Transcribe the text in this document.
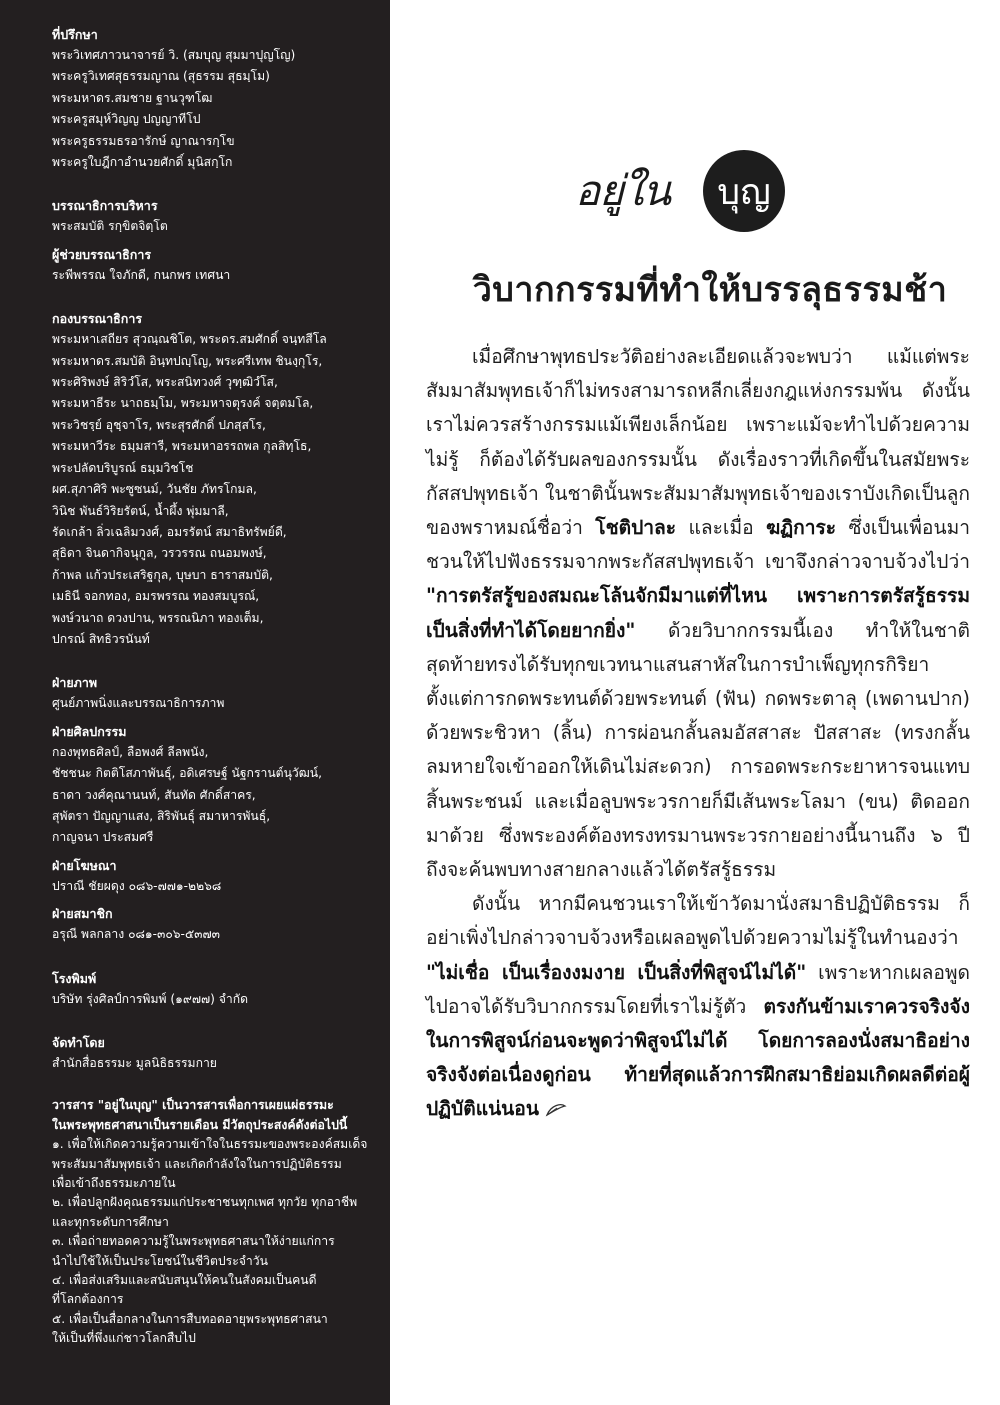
ที่ปรึกษา
พระวิเทศภาวนาจารย์ วิ. (สมบุญ สุมมาปุญโญ)
พระครูวิเทศสุธรรมญาณ (สุธรรม สุธมฺโม)
พระมหาดร.สมชาย ฐานวุฑโฒ
พระครูสมุห์วิญญ ปญญาทีโป
พระครูธรรมธรอารักษ์ ญาณารกฺโข
พระครูใบฎีกาอำนวยศักดิ์ มุนิสกฺโก
บรรณาธิการบริหาร
พระสมบัติ รกฺขิตจิตฺโต
ผู้ช่วยบรรณาธิการ
ระพีพรรณ ใจภักดี, กนกพร เทศนา
กองบรรณาธิการ
พระมหาเสถียร สุวณฺณชิโต, พระดร.สมศักดิ์ จนฺทสีโล
พระมหาดร.สมบัติ อินฺทปญฺโญ, พระศรีเทพ ชินงฺกุโร,
พระศิริพงษ์ สิริวํโส, พระสนิทวงศ์ วุฑฺฒิวํโส,
พระมหาธีระ นาถธมฺโม, พระมหาจตุรงค์ จตฺตมโล,
พระวิชรฺย์ อุชฺจาโร, พระสุรศักดิ์ ปภสฺสโร,
พระมหาวีระ ธมฺมสารี, พระมหาอรรถพล กุลสิทฺโธ,
พระปลัดบริบูรณ์ ธมฺมวิชโช
ผศ.สุภาศิริ พะซูซนม์, วันชัย ภัทรโกมล,
วินิช พันธ์วิริยรัตน์, น้ำผึ้ง พุ่มมาลี,
รัดเกล้า ลิ่วเฉลิมวงศ์, อมรรัตน์ สมาธิทรัพย์ดี,
สุธิดา จินดากิจนุกูล, วรวรรณ ถนอมพงษ์,
ก้าพล แก้วประเสริฐกุล, บุษบา ธาราสมบัติ,
เมธินี จอกทอง, อมรพรรณ ทองสมบูรณ์,
พงษ์วนาถ ดวงปาน, พรรณนิภา ทองเต็ม,
ปกรณ์ สิทธิวรนันท์
ฝ่ายภาพ
ศูนย์ภาพนิ่งและบรรณาธิการภาพ
ฝ่ายศิลปกรรม
กองพุทธศิลป์, ลือพงศ์ ลีลพนัง,
ชัชชนะ กิตติโสภาพันธุ์, อดิเศรษฐ์ นัฐกรานต์นุวัฒน์,
ธาดา วงศ์คุณานนท์, สันทัด ศักดิ์สาคร,
สุพัตรา ปัญญาแสง, สิริพันธุ์ สมาหารพันธุ์,
กาญจนา ประสมศรี
ฝ่ายโฆษณา
ปราณี ชัยผดุง ๐๘๖-๗๗๑-๒๒๖๘
ฝ่ายสมาชิก
อรุณี พลกลาง ๐๘๑-๓๐๖-๕๓๗๓
โรงพิมพ์
บริษัท รุ่งศิลป์การพิมพ์ (๑๙๗๗) จำกัด
จัดทำโดย
สำนักสื่อธรรมะ มูลนิธิธรรมกาย
วารสาร "อยู่ในบุญ" เป็นวารสารเพื่อการเผยแผ่ธรรมะ
ในพระพุทธศาสนาเป็นรายเดือน มีวัตถุประสงค์ดังต่อไปนี้
๑. เพื่อให้เกิดความรู้ความเข้าใจในธรรมะของพระองค์สมเด็จ
พระสัมมาสัมพุทธเจ้า และเกิดกำลังใจในการปฏิบัติธรรม
เพื่อเข้าถึงธรรมะภายใน
๒. เพื่อปลูกฝังคุณธรรมแก่ประชาชนทุกเพศ ทุกวัย ทุกอาชีพ
และทุกระดับการศึกษา
๓. เพื่อถ่ายทอดความรู้ในพระพุทธศาสนาให้ง่ายแก่การ
นำไปใช้ให้เป็นประโยชน์ในชีวิตประจำวัน
๔. เพื่อส่งเสริมและสนับสนุนให้คนในสังคมเป็นคนดี
ที่โลกต้องการ
๕. เพื่อเป็นสื่อกลางในการสืบทอดอายุพระพุทธศาสนา
ให้เป็นที่พึ่งแก่ชาวโลกสืบไป
อยู่ใน	บุญ
วิบากกรรมที่ทำให้บรรลุธรรมช้า

เมื่อศึกษาพุทธประวัติอย่างละเอียดแล้วจะพบว่า แม้แต่พระสัมมาสัมพุทธเจ้าก็ไม่ทรงสามารถหลีกเลี่ยงกฎแห่งกรรมพ้น ดังนั้นเราไม่ควรสร้างกรรมแม้เพียงเล็กน้อย เพราะแม้จะทำไปด้วยความไม่รู้ ก็ต้องได้รับผลของกรรมนั้น ดังเรื่องราวที่เกิดขึ้นในสมัยพระกัสสปพุทธเจ้า ในชาตินั้นพระสัมมาสัมพุทธเจ้าของเราบังเกิดเป็นลูกของพราหมณ์ชื่อว่า โชติปาละ และเมื่อ ฆฏิการะ ซึ่งเป็นเพื่อนมาชวนให้ไปฟังธรรมจากพระกัสสปพุทธเจ้า เขาจึงกล่าวจาบจ้วงไปว่า "การตรัสรู้ของสมณะโล้นจักมีมาแต่ที่ไหน เพราะการตรัสรู้ธรรมเป็นสิ่งที่ทำได้โดยยากยิ่ง" ด้วยวิบากกรรมนี้เอง ทำให้ในชาติสุดท้ายทรงได้รับทุกขเวทนาแสนสาหัสในการบำเพ็ญทุกรกิริยา ตั้งแต่การกดพระทนต์ด้วยพระทนต์ (ฟัน) กดพระตาลุ (เพดานปาก) ด้วยพระชิวหา (ลิ้น) การผ่อนกลั้นลมอัสสาสะ ปัสสาสะ (ทรงกลั้นลมหายใจเข้าออกให้เดินไม่สะดวก) การอดพระกระยาหารจนแทบสิ้นพระชนม์ และเมื่อลูบพระวรกายก็มีเส้นพระโลมา (ขน) ติดออกมาด้วย ซึ่งพระองค์ต้องทรงทรมานพระวรกายอย่างนี้นานถึง ๖ ปี ถึงจะค้นพบทางสายกลางแล้วได้ตรัสรู้ธรรม

ดังนั้น หากมีคนชวนเราให้เข้าวัดมานั่งสมาธิปฏิบัติธรรม ก็อย่าเพิ่งไปกล่าวจาบจ้วงหรือเผลอพูดไปด้วยความไม่รู้ในทำนองว่า "ไม่เชื่อ เป็นเรื่องงมงาย เป็นสิ่งที่พิสูจน์ไม่ได้" เพราะหากเผลอพูดไปอาจได้รับวิบากกรรมโดยที่เราไม่รู้ตัว ตรงกันข้ามเราควรจริงจังในการพิสูจน์ก่อนจะพูดว่าพิสูจน์ไม่ได้ โดยการลองนั่งสมาธิอย่างจริงจังต่อเนื่องดูก่อน ท้ายที่สุดแล้วการฝึกสมาธิย่อมเกิดผลดีต่อผู้ปฏิบัติแน่นอน
